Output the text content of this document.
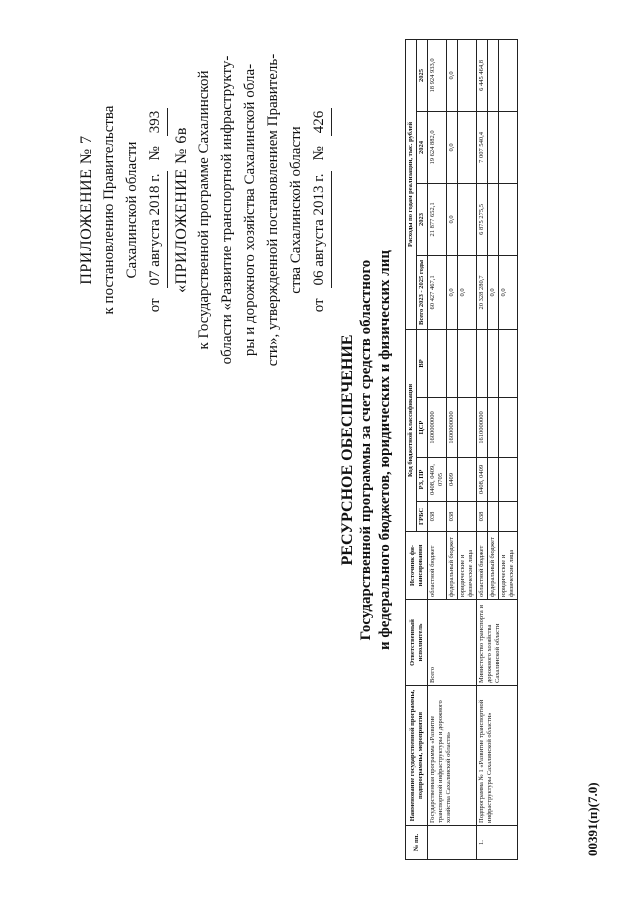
ПРИЛОЖЕНИЕ № 7 к постановлению Правительства Сахалинской области
от
07 августа 2018 г.
№
393
«ПРИЛОЖЕНИЕ № 6в к Государственной программе Сахалинской области «Развитие транспортной инфраструкту- ры и дорожного хозяйства Сахалинской обла- сти», утвержденной постановлением Правитель- ства Сахалинской области
от
06 августа 2013 г.
№
426
РЕСУРСНОЕ ОБЕСПЕЧЕНИЕ Государственной программы за счет средств областного и федерального бюджетов, юридических и физических лиц
№ пп.	Наименование государственной программы, подпрограммы, мероприятия	Ответственный исполнитель	Источник фи-нансирования	Код бюджетной классификации				Расходы по годам реализации, тыс. рублей			
				ГРБС	РЗ, ПР	ЦСР	ВР	Всего 2023 - 2025 годы	2023	2024	2025
	Государственная программа «Развитие транспортной инфраструктуры и дорожного хозяйства Сахалинской области»	Всего	областной бюджет	038	0408, 0409, 0705	1600000000		60 427 467,1	21 877 652,1	19 624 882,0	18 924 933,0
			федеральный бюджет	038	0409	1600000000		0,0	0,0	0,0	0,0
			юридические и физические лица					0,0			
1.	Подпрограмма № 1 «Развитие транспортной инфраструктуры Сахалинской области»	Министерство транспорта и дорожного хозяйства Сахалинской области	областной бюджет	038	0408, 0409	1610000000		20 328 280,7	6 875 275,5	7 007 540,4	6 445 464,8
			федеральный бюджет					0,0			
			юридические и физические лица					0,0			
00391(п)(7.0)
